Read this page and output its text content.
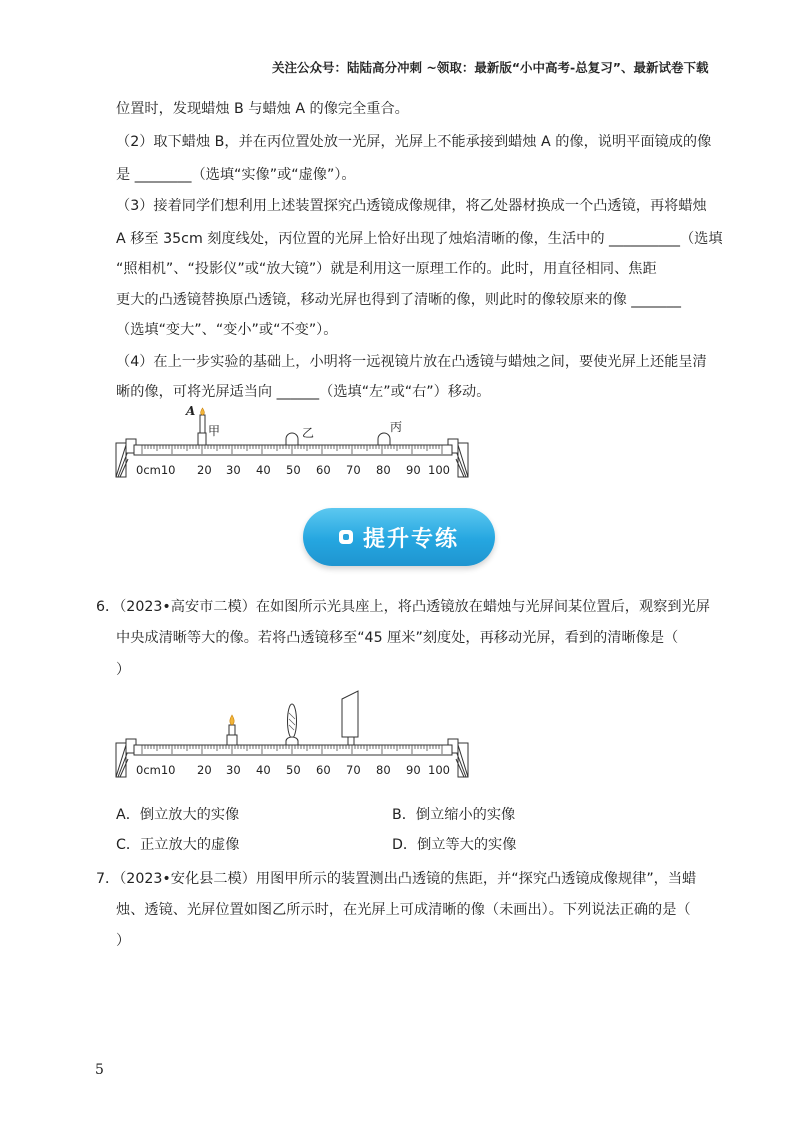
关注公众号：陆陆高分冲刺 ~领取：最新版“小中高考-总复习”、最新试卷下载
位置时，发现蜡烛 B 与蜡烛 A 的像完全重合。
（2）取下蜡烛 B，并在丙位置处放一光屏，光屏上不能承接到蜡烛 A 的像，说明平面镜成的像
是 ________（选填“实像”或“虚像”）。
（3）接着同学们想利用上述装置探究凸透镜成像规律，将乙处器材换成一个凸透镜，再将蜡烛
A 移至 35cm 刻度线处，丙位置的光屏上恰好出现了烛焰清晰的像，生活中的 __________（选填
“照相机”、“投影仪”或“放大镜”）就是利用这一原理工作的。此时，用直径相同、焦距
更大的凸透镜替换原凸透镜，移动光屏也得到了清晰的像，则此时的像较原来的像 _______
（选填“变大”、“变小”或“不变”）。
（4）在上一步实验的基础上，小明将一远视镜片放在凸透镜与蜡烛之间，要使光屏上还能呈清
晰的像，可将光屏适当向 ______（选填“左”或“右”）移动。
A
甲	乙	丙
0cm10 20 30 40 50 60 70 80 90 100
提升专练
6．（2023•高安市二模）在如图所示光具座上，将凸透镜放在蜡烛与光屏间某位置后，观察到光屏
中央成清晰等大的像。若将凸透镜移至“45 厘米”刻度处，再移动光屏，看到的清晰像是（
）
0cm10 20 30 40 50 60 70 80 90 100
A．倒立放大的实像	B．倒立缩小的实像
C．正立放大的虚像	D．倒立等大的实像
7．（2023•安化县二模）用图甲所示的装置测出凸透镜的焦距，并“探究凸透镜成像规律”，当蜡
烛、透镜、光屏位置如图乙所示时，在光屏上可成清晰的像（未画出）。下列说法正确的是（
）
5
